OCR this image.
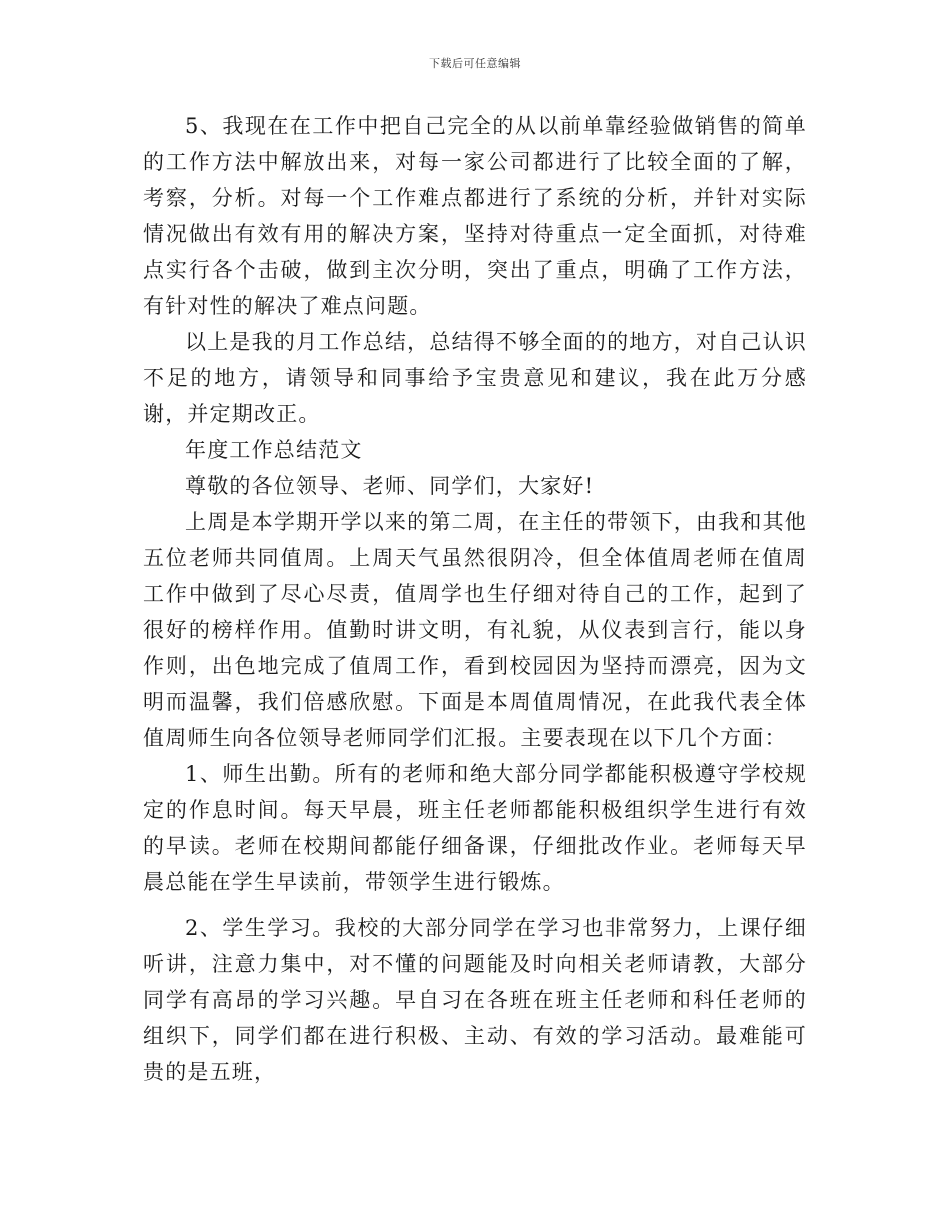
下载后可任意编辑

5、我现在在工作中把自己完全的从以前单靠经验做销售的简单的工作方法中解放出来，对每一家公司都进行了比较全面的了解，考察，分析。对每一个工作难点都进行了系统的分析，并针对实际情况做出有效有用的解决方案，坚持对待重点一定全面抓，对待难点实行各个击破，做到主次分明，突出了重点，明确了工作方法，有针对性的解决了难点问题。

以上是我的月工作总结，总结得不够全面的的地方，对自己认识不足的地方，请领导和同事给予宝贵意见和建议，我在此万分感谢，并定期改正。

年度工作总结范文

尊敬的各位领导、老师、同学们，大家好!

上周是本学期开学以来的第二周，在主任的带领下，由我和其他五位老师共同值周。上周天气虽然很阴冷，但全体值周老师在值周工作中做到了尽心尽责，值周学也生仔细对待自己的工作，起到了很好的榜样作用。值勤时讲文明，有礼貌，从仪表到言行，能以身作则，出色地完成了值周工作，看到校园因为坚持而漂亮，因为文明而温馨，我们倍感欣慰。下面是本周值周情况，在此我代表全体值周师生向各位领导老师同学们汇报。主要表现在以下几个方面：

1、师生出勤。所有的老师和绝大部分同学都能积极遵守学校规定的作息时间。每天早晨，班主任老师都能积极组织学生进行有效的早读。老师在校期间都能仔细备课，仔细批改作业。老师每天早晨总能在学生早读前，带领学生进行锻炼。

2、学生学习。我校的大部分同学在学习也非常努力，上课仔细听讲，注意力集中，对不懂的问题能及时向相关老师请教，大部分同学有高昂的学习兴趣。早自习在各班在班主任老师和科任老师的组织下，同学们都在进行积极、主动、有效的学习活动。最难能可贵的是五班，
